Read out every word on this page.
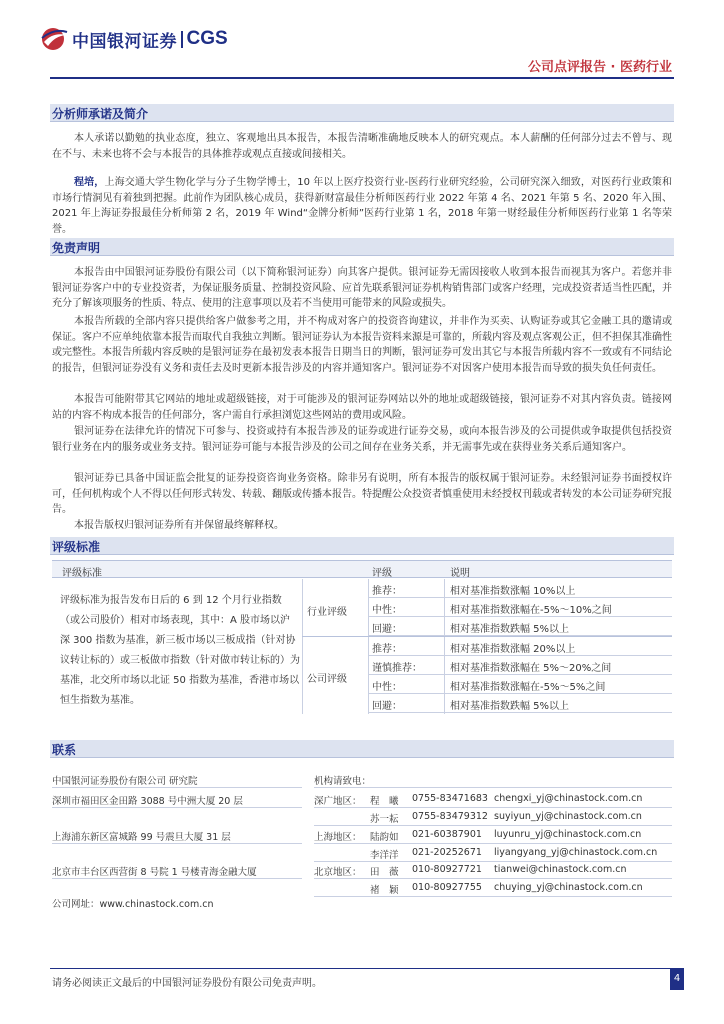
中国银河证券 CGS
公司点评报告 · 医药行业
分析师承诺及简介

本人承诺以勤勉的执业态度，独立、客观地出具本报告，本报告清晰准确地反映本人的研究观点。本人薪酬的任何部分过去不曾与、现在不与、未来也将不会与本报告的具体推荐或观点直接或间接相关。

程培，上海交通大学生物化学与分子生物学博士，10 年以上医疗投资行业-医药行业研究经验，公司研究深入细致，对医药行业政策和市场行情洞见有着独到把握。此前作为团队核心成员，获得新财富最佳分析师医药行业 2022 年第 4 名、2021 年第 5 名、2020 年入围、2021 年上海证券报最佳分析师第 2 名，2019 年 Wind“金牌分析师”医药行业第 1 名，2018 年第一财经最佳分析师医药行业第 1 名等荣誉。

免责声明

本报告由中国银河证券股份有限公司（以下简称银河证券）向其客户提供。银河证券无需因接收人收到本报告而视其为客户。若您并非银河证券客户中的专业投资者，为保证服务质量、控制投资风险、应首先联系银河证券机构销售部门或客户经理，完成投资者适当性匹配，并充分了解该项服务的性质、特点、使用的注意事项以及若不当使用可能带来的风险或损失。

本报告所载的全部内容只提供给客户做参考之用，并不构成对客户的投资咨询建议，并非作为买卖、认购证券或其它金融工具的邀请或保证。客户不应单纯依靠本报告而取代自我独立判断。银河证券认为本报告资料来源是可靠的，所载内容及观点客观公正，但不担保其准确性或完整性。本报告所载内容反映的是银河证券在最初发表本报告日期当日的判断，银河证券可发出其它与本报告所载内容不一致或有不同结论的报告，但银河证券没有义务和责任去及时更新本报告涉及的内容并通知客户。银河证券不对因客户使用本报告而导致的损失负任何责任。

本报告可能附带其它网站的地址或超级链接，对于可能涉及的银河证券网站以外的地址或超级链接，银河证券不对其内容负责。链接网站的内容不构成本报告的任何部分，客户需自行承担浏览这些网站的费用或风险。

银河证券在法律允许的情况下可参与、投资或持有本报告涉及的证券或进行证券交易，或向本报告涉及的公司提供或争取提供包括投资银行业务在内的服务或业务支持。银河证券可能与本报告涉及的公司之间存在业务关系，并无需事先或在获得业务关系后通知客户。

银河证券已具备中国证监会批复的证券投资咨询业务资格。除非另有说明，所有本报告的版权属于银河证券。未经银河证券书面授权许可，任何机构或个人不得以任何形式转发、转载、翻版或传播本报告。特提醒公众投资者慎重使用未经授权刊载或者转发的本公司证券研究报告。

本报告版权归银河证券所有并保留最终解释权。

评级标准
评级标准	评级	说明
评级标准为报告发布日后的 6 到 12 个月行业指数（或公司股价）相对市场表现，其中：A 股市场以沪深 300 指数为基准，新三板市场以三板成指（针对协议转让标的）或三板做市指数（针对做市转让标的）为基准，北交所市场以北证 50 指数为基准，香港市场以恒生指数为基准。
行业评级
公司评级
推荐：	相对基准指数涨幅 10%以上
中性：	相对基准指数涨幅在-5%～10%之间
回避：	相对基准指数跌幅 5%以上
推荐：	相对基准指数涨幅 20%以上
谨慎推荐：	相对基准指数涨幅在 5%～20%之间
中性：	相对基准指数涨幅在-5%～5%之间
回避：	相对基准指数跌幅 5%以上
联系
中国银河证券股份有限公司 研究院
深圳市福田区金田路 3088 号中洲大厦 20 层
上海浦东新区富城路 99 号震旦大厦 31 层
北京市丰台区西营街 8 号院 1 号楼青海金融大厦
公司网址：www.chinastock.com.cn
机构请致电：
深广地区： 程　曦 0755-83471683 chengxi_yj@chinastock.com.cn
苏一耘 0755-83479312 suyiyun_yj@chinastock.com.cn
上海地区： 陆韵如 021-60387901 luyunru_yj@chinastock.com.cn
李洋洋 021-20252671 liyangyang_yj@chinastock.com.cn
北京地区： 田　薇 010-80927721 tianwei@chinastock.com.cn
褚　颖 010-80927755 chuying_yj@chinastock.com.cn
请务必阅读正文最后的中国银河证券股份有限公司免责声明。	4
